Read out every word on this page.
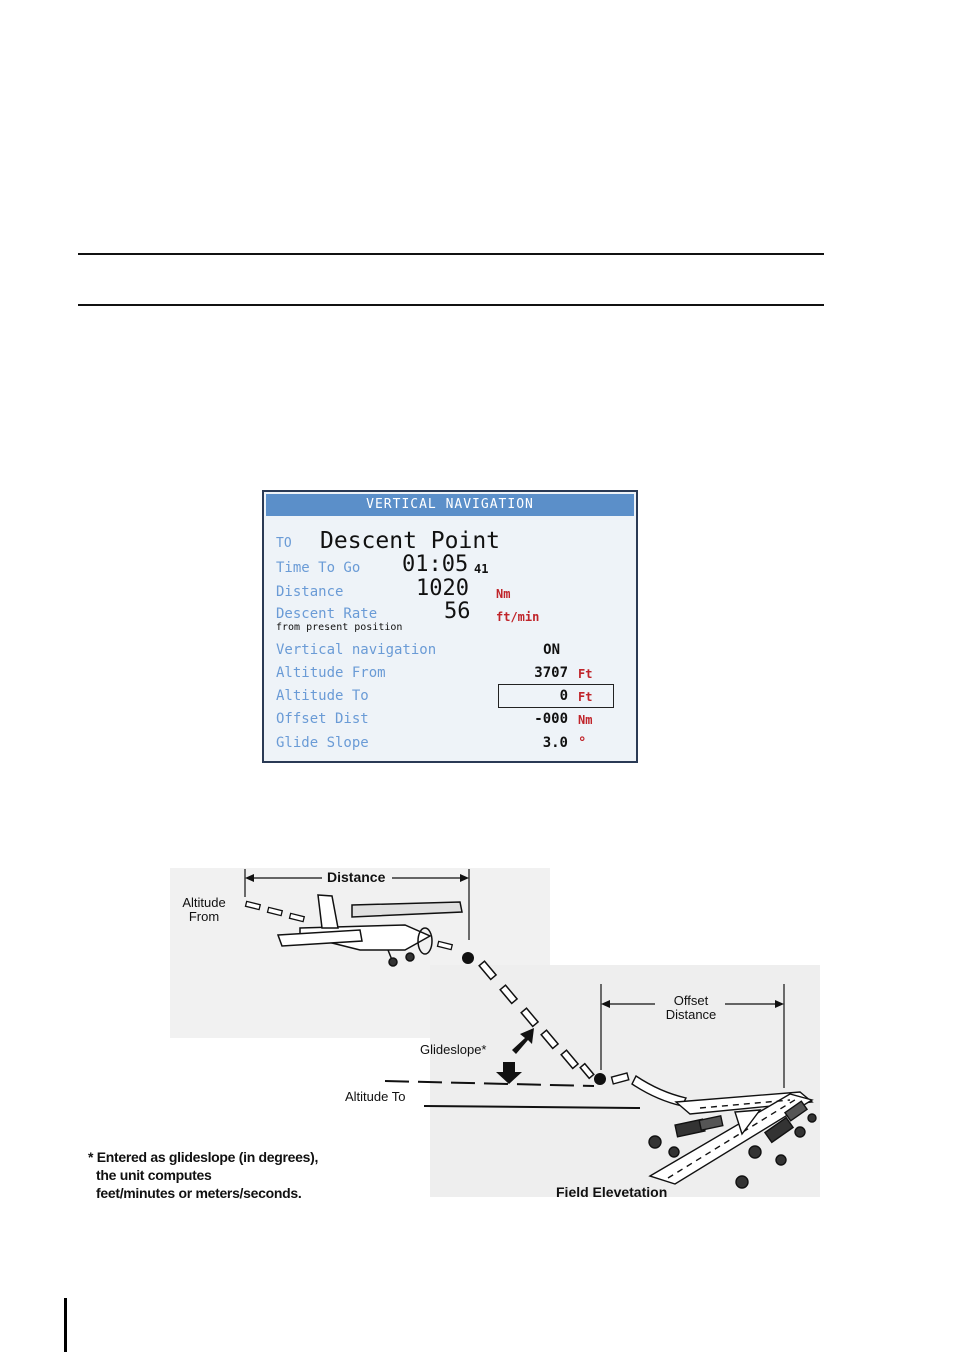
VERTICAL NAVIGATION
TO Descent Point
Time To Go 01:05 41
Distance	1020 Nm
Descent Rate	56 ft/min
from present position
Vertical navigation	ON
Altitude From	3707 Ft
Altitude To	0 Ft
Offset Dist	-000 Nm
Glide Slope	3.0 °
Distance
Altitude
From
Offset
Distance
Glideslope*
Altitude To
Field Elevetation
* Entered as glideslope (in degrees),
the unit computes
feet/minutes or meters/seconds.
